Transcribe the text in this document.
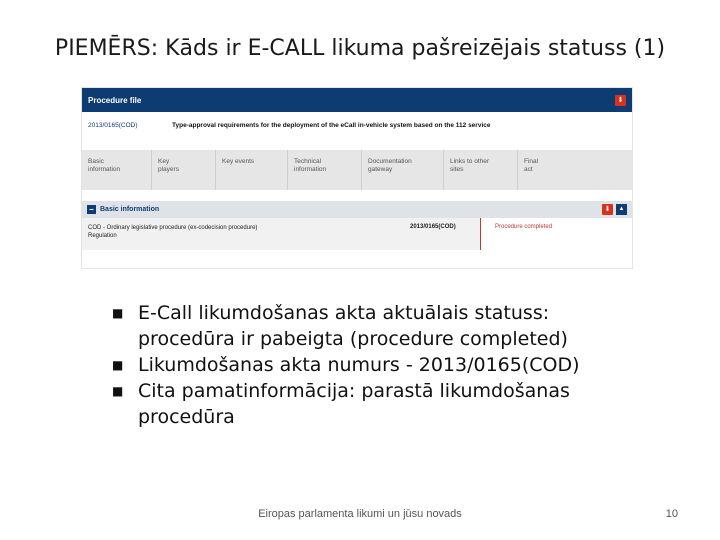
PIEMĒRS: Kāds ir E-CALL likuma pašreizējais statuss (1)
Procedure file	⬇
2013/0165(COD)	Type-approval requirements for the deployment of the eCall in-vehicle system based on the 112 service
Basic
information
Key
players
Key events	Technical
information
Documentation
gateway
Links to other
sites
Final
act
− Basic information	⬇	▲
COD - Ordinary legislative procedure (ex-codecision procedure)
Regulation
2013/0165(COD)	Procedure completed
■ E-Call likumdošanas akta aktuālais statuss: procedūra ir pabeigta (procedure completed)
■ Likumdošanas akta numurs - 2013/0165(COD)
■ Cita pamatinformācija: parastā likumdošanas procedūra
Eiropas parlamenta likumi un jūsu novads	10
